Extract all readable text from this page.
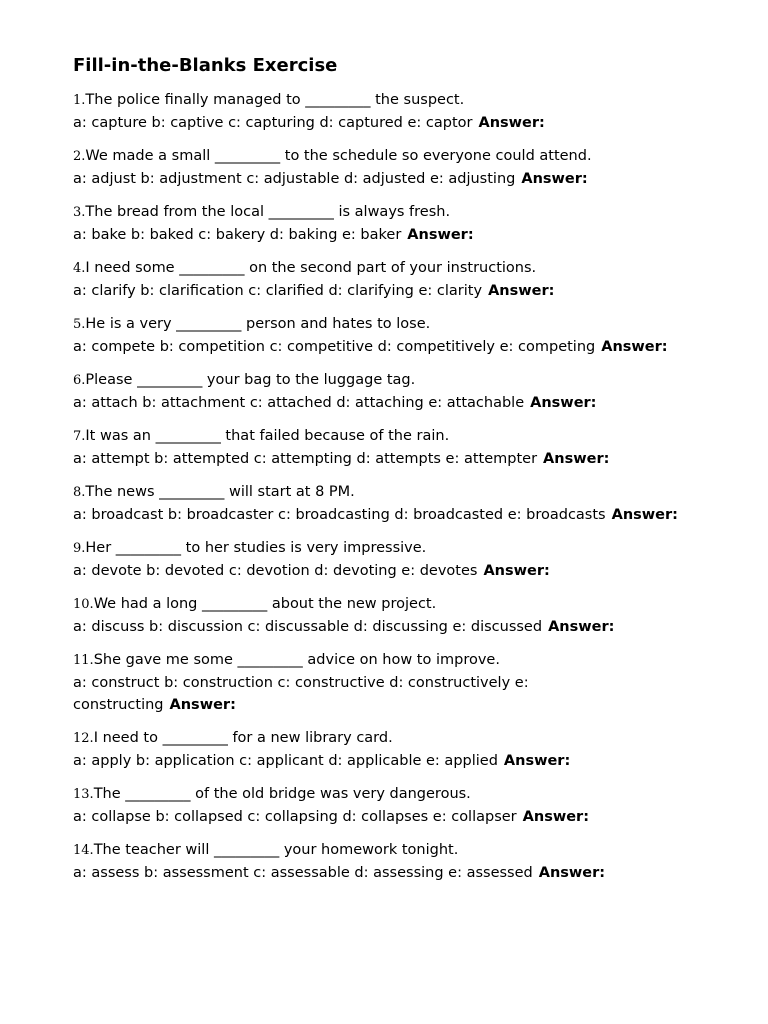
Fill-in-the-Blanks Exercise
1.The police finally managed to _________ the suspect.
a: capture b: captive c: capturing d: captured e: captor Answer:
2.We made a small _________ to the schedule so everyone could attend.
a: adjust b: adjustment c: adjustable d: adjusted e: adjusting Answer:
3.The bread from the local _________ is always fresh.
a: bake b: baked c: bakery d: baking e: baker Answer:
4.I need some _________ on the second part of your instructions.
a: clarify b: clarification c: clarified d: clarifying e: clarity Answer:
5.He is a very _________ person and hates to lose.
a: compete b: competition c: competitive d: competitively e: competing Answer:
6.Please _________ your bag to the luggage tag.
a: attach b: attachment c: attached d: attaching e: attachable Answer:
7.It was an _________ that failed because of the rain.
a: attempt b: attempted c: attempting d: attempts e: attempter Answer:
8.The news _________ will start at 8 PM.
a: broadcast b: broadcaster c: broadcasting d: broadcasted e: broadcasts Answer:
9.Her _________ to her studies is very impressive.
a: devote b: devoted c: devotion d: devoting e: devotes Answer:
10.We had a long _________ about the new project.
a: discuss b: discussion c: discussable d: discussing e: discussed Answer:
11.She gave me some _________ advice on how to improve.
a: construct b: construction c: constructive d: constructively e: constructing Answer:
12.I need to _________ for a new library card.
a: apply b: application c: applicant d: applicable e: applied Answer:
13.The _________ of the old bridge was very dangerous.
a: collapse b: collapsed c: collapsing d: collapses e: collapser Answer:
14.The teacher will _________ your homework tonight.
a: assess b: assessment c: assessable d: assessing e: assessed Answer:
